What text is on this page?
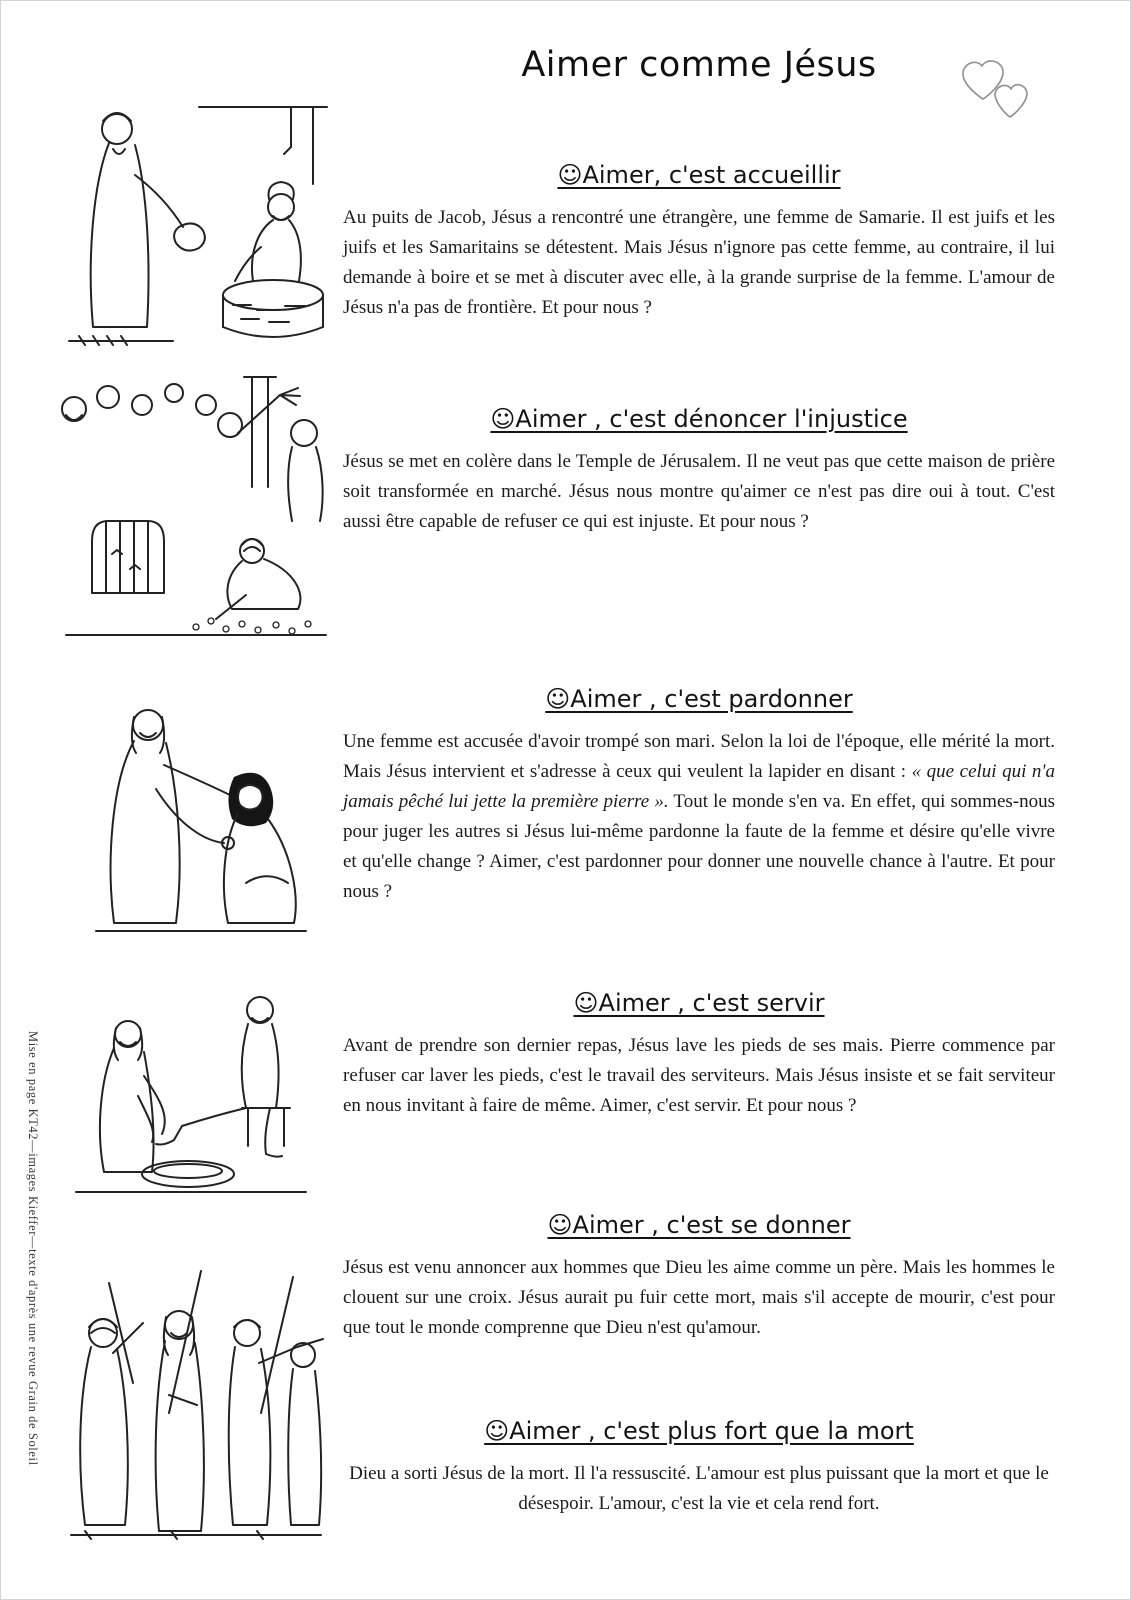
Aimer comme Jésus
☺Aimer, c'est accueillir

Au puits de Jacob, Jésus a rencontré une étrangère, une femme de Samarie. Il est juifs et les juifs et les Samaritains se détestent. Mais Jésus n'ignore pas cette femme, au contraire, il lui demande à boire et se met à discuter avec elle, à la grande surprise de la femme. L'amour de Jésus n'a pas de frontière. Et pour nous ?

☺Aimer , c'est dénoncer l'injustice

Jésus se met en colère dans le Temple de Jérusalem. Il ne veut pas que cette maison de prière soit transformée en marché. Jésus nous montre qu'aimer ce n'est pas dire oui à tout. C'est aussi être capable de refuser ce qui est injuste. Et pour nous ?

☺Aimer , c'est pardonner

Une femme est accusée d'avoir trompé son mari. Selon la loi de l'époque, elle mérité la mort. Mais Jésus intervient et s'adresse à ceux qui veulent la lapider en disant : « que celui qui n'a jamais pêché lui jette la première pierre ». Tout le monde s'en va. En effet, qui sommes-nous pour juger les autres si Jésus lui-même pardonne la faute de la femme et désire qu'elle vivre et qu'elle change ? Aimer, c'est pardonner pour donner une nouvelle chance à l'autre. Et pour nous ?

☺Aimer , c'est servir

Avant de prendre son dernier repas, Jésus lave les pieds de ses mais. Pierre commence par refuser car laver les pieds, c'est le travail des serviteurs. Mais Jésus insiste et se fait serviteur en nous invitant à faire de même. Aimer, c'est servir. Et pour nous ?

☺Aimer , c'est se donner

Jésus est venu annoncer aux hommes que Dieu les aime comme un père. Mais les hommes le clouent sur une croix. Jésus aurait pu fuir cette mort, mais s'il accepte de mourir, c'est pour que tout le monde comprenne que Dieu n'est qu'amour.

☺Aimer , c'est plus fort que la mort

Dieu a sorti Jésus de la mort. Il l'a ressuscité. L'amour est plus puissant que la mort et que le désespoir. L'amour, c'est la vie et cela rend fort.

Mise en page KT42—images Kieffer—texte d'après une revue Grain de Soleil
